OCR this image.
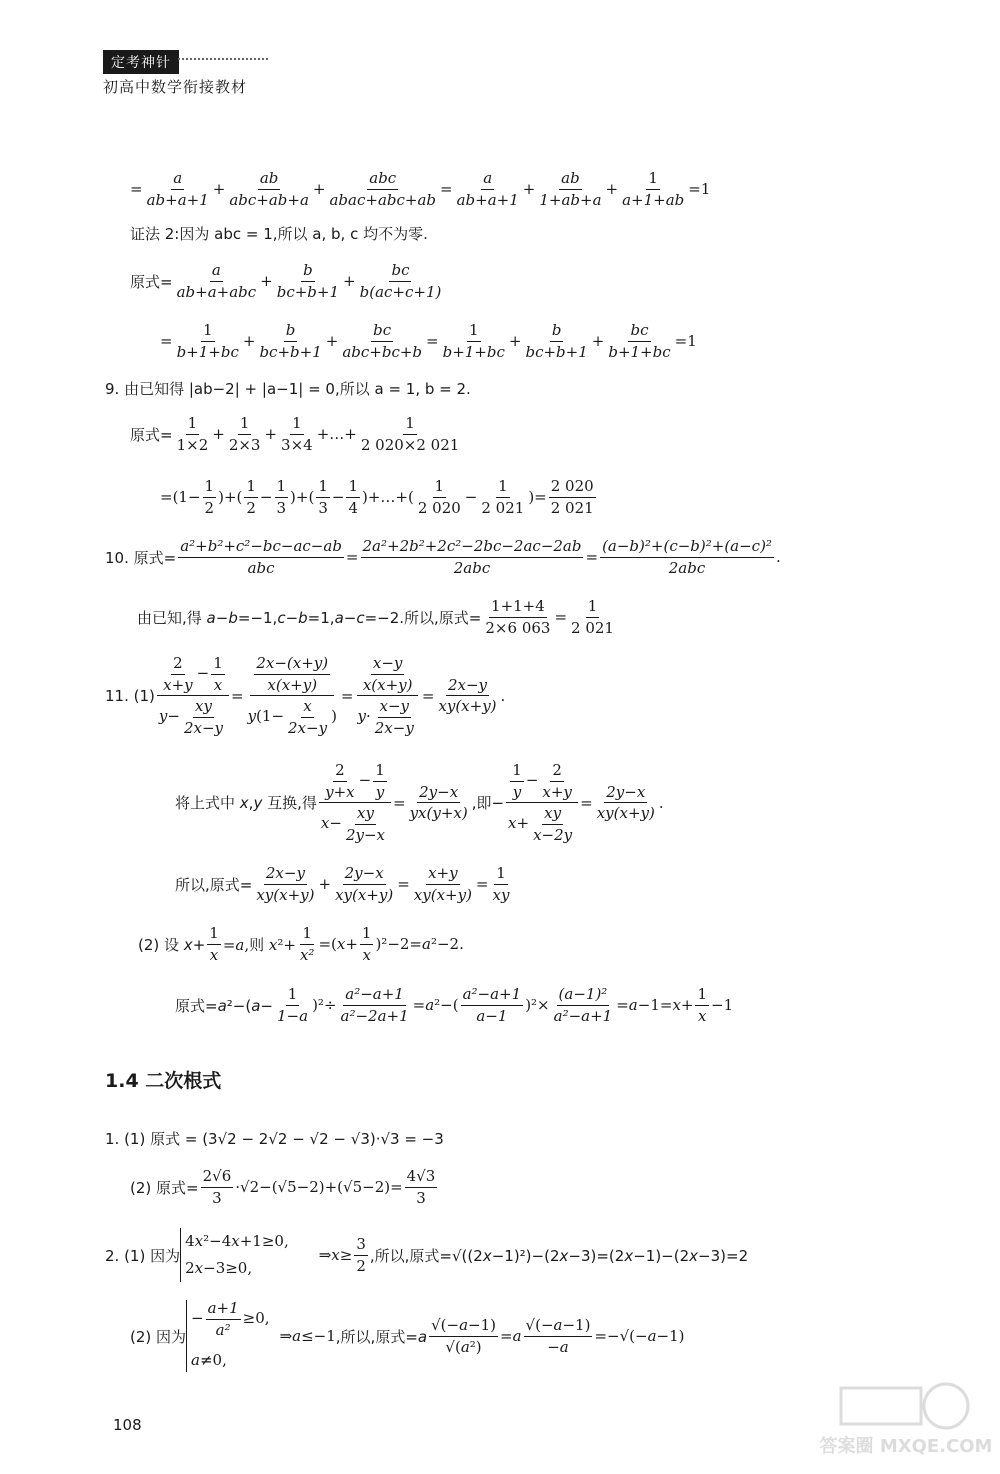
定考神针
初高中数学衔接教材
= $\frac{a}{ab+a+1} + \frac{ab}{\text{abc+ab+a}} + \frac{\text{abc}}{\text{abac+abc+ab}} = \frac{a}{ab+a+1} + \frac{ab}{1+ab+a} + \frac{1}{a+1+ab} =1$
证法 2:因为 abc = 1,所以 a, b, c 均不为零.
原式= $\frac{a}{\text{ab+a+abc}} + \frac{b}{bc+b+1} + \frac{bc}{b(ac+c+1)}$
= $\frac{1}{b+1+bc} + \frac{b}{bc+b+1} + \frac{bc}{\text{abc+bc+b}} = \frac{1}{b+1+bc} + \frac{b}{bc+b+1} + \frac{bc}{b+1+bc} =1$
9. 由已知得 |ab−2| + |a−1| = 0,所以 a = 1, b = 2.
原式= $\frac{1}{1\times 2} + \frac{1}{2\times 3} + \frac{1}{3\times 4}$ +…+ $\frac{1}{2 020\times 2 021}$
$=(1- \frac{1}{2}$ )+( $\frac{1}{2} - \frac{1}{3}$ )+( $\frac{1}{3} - \frac{1}{4}$ )+…+( $\frac{1}{2 020} - \frac{1}{2 021}$ )= $\frac{2 020}{2 021}$
10. 原式= $\frac{\text{a²+b²+c²−bc−ac−ab}}{\text{abc}} = \frac{\text{2a²+2b²+2c²−2bc−2ac−2ab}}{\text{2abc}} = \frac{\text{(a−b)²+(c−b)²+(a−c)²}}{\text{2abc}}$ .
由已知,得 a−b=−1,c−b=1,a−c=−2.所以,原式= $\frac{1+1+4}{2\times 6 063} = \frac{1}{2 021}$
11. $(1) \frac{\frac{2}{x+y} - \frac{1}{x}}{y- \frac{xy}{2x-y}} = \frac{\frac{2x-(x+y)}{x(x+y)}}{y(1- \frac{x}{2x-y} )} = \frac{\frac{x-y}{x(x+y)}}{y\cdot \frac{x-y}{2x-y}} = \frac{2x-y}{xy(x+y)}$ .
将上式中 x,y 互换,得 $\frac{\frac{2}{y+x} - \frac{1}{y}}{x- \frac{xy}{2y-x}} = \frac{2y-x}{yx(y+x)}$ ,即− $\frac{\frac{1}{y} - \frac{2}{x+y}}{x+ \frac{xy}{x-2y}} = \frac{2y-x}{xy(x+y)}$ .
所以,原式= $\frac{2x-y}{xy(x+y)} + \frac{2y-x}{xy(x+y)} = \frac{x+y}{xy(x+y)} = \frac{1}{xy}$
(2) 设 $x+ \frac{1}{x} =a$,则 $x^2+ \frac{1}{\text{x²}} =(x+ \frac{1}{x} )^2-2=a^2-2$.
原式$=a^2-(a- \frac{1}{1-a} )^2\div \frac{\text{a²−a+1}}{\text{a²−2a+1}} =a^2-( \frac{\text{a²−a+1}}{a-1} )^2\times \frac{\text{(a−1)²}}{\text{a²−a+1}} =a-1=x+ \frac{1}{x} -1$
1.4 二次根式
1. (1) 原式 = (3√2 − 2√2 − √2 − √3)·√3 = −3
(2) 原式= $\frac{2√6}{3} \cdot√2-(√5-2)+(√5-2)= \frac{4√3}{3}$
2. (1) 因为
4x²−4x+1≥0,
2x−3≥0,
⇒x≥ $\frac{3}{2}$ ,所以,原式=√((2x−1)²)−(2x−3)=(2x−1)−(2x−3)=2
(2) 因为
− $\frac{a+1}{\text{a²}} \ge 0$,
a≠0,
⇒a≤−1 ,所以,原式$=a \frac{√(-a-1)}{\text{√(a²)}} =a \frac{√(-a-1)}{-a} =-√(-a-1)$
108
答案圈 MXQE.COM
